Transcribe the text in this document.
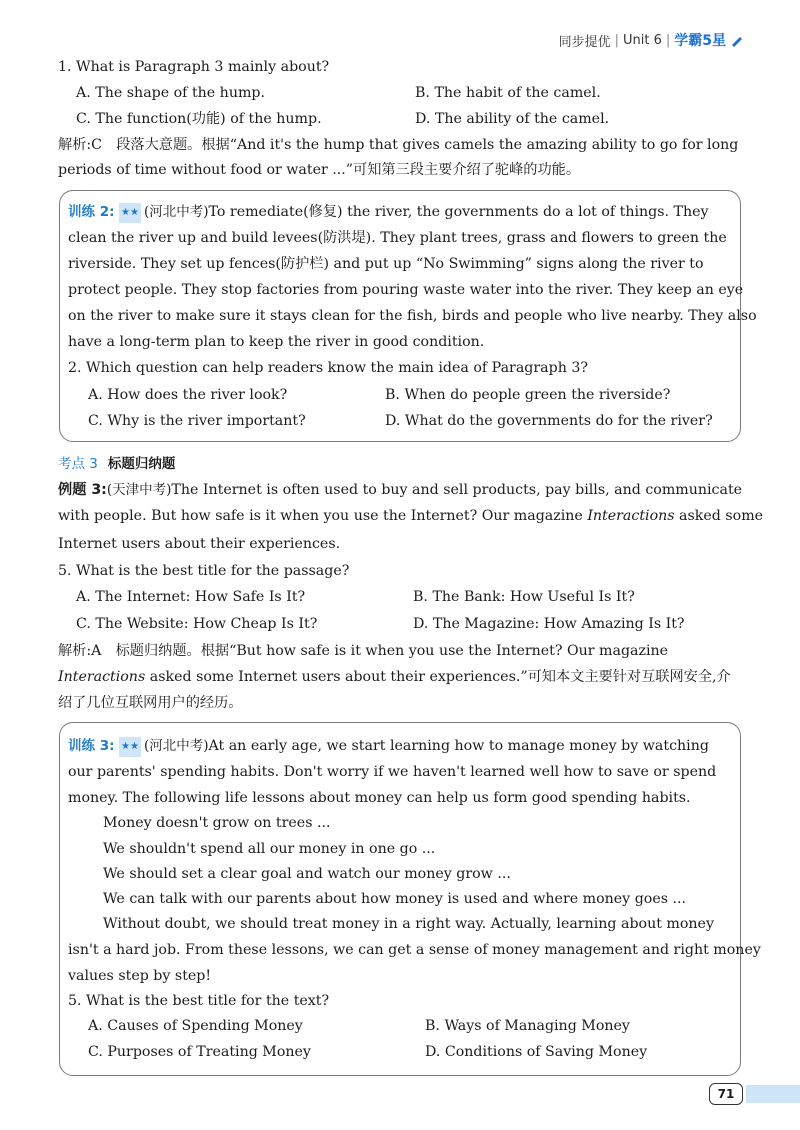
同步提优 | Unit 6 | 学霸5星
1. What is Paragraph 3 mainly about?
A. The shape of the hump.	B. The habit of the camel.
C. The function(功能) of the hump.	D. The ability of the camel.
解析:C　段落大意题。根据“And it's the hump that gives camels the amazing ability to go for long
periods of time without food or water ...”可知第三段主要介绍了驼峰的功能。
训练 2: ★★ (河北中考)To remediate(修复) the river, the governments do a lot of things. They
clean the river up and build levees(防洪堤). They plant trees, grass and flowers to green the
riverside. They set up fences(防护栏) and put up “No Swimming” signs along the river to
protect people. They stop factories from pouring waste water into the river. They keep an eye
on the river to make sure it stays clean for the fish, birds and people who live nearby. They also
have a long-term plan to keep the river in good condition.
2. Which question can help readers know the main idea of Paragraph 3?
A. How does the river look?	B. When do people green the riverside?
C. Why is the river important?	D. What do the governments do for the river?
考点 3 标题归纳题
例题 3:(天津中考)The Internet is often used to buy and sell products, pay bills, and communicate
with people. But how safe is it when you use the Internet? Our magazine Interactions asked some
Internet users about their experiences.
5. What is the best title for the passage?
A. The Internet: How Safe Is It?	B. The Bank: How Useful Is It?
C. The Website: How Cheap Is It?	D. The Magazine: How Amazing Is It?
解析:A　标题归纳题。根据“But how safe is it when you use the Internet? Our magazine
Interactions asked some Internet users about their experiences.”可知本文主要针对互联网安全,介
绍了几位互联网用户的经历。
训练 3: ★★ (河北中考)At an early age, we start learning how to manage money by watching
our parents' spending habits. Don't worry if we haven't learned well how to save or spend
money. The following life lessons about money can help us form good spending habits.
Money doesn't grow on trees ...
We shouldn't spend all our money in one go ...
We should set a clear goal and watch our money grow ...
We can talk with our parents about how money is used and where money goes ...
Without doubt, we should treat money in a right way. Actually, learning about money
isn't a hard job. From these lessons, we can get a sense of money management and right money
values step by step!
5. What is the best title for the text?
A. Causes of Spending Money	B. Ways of Managing Money
C. Purposes of Treating Money	D. Conditions of Saving Money
71
